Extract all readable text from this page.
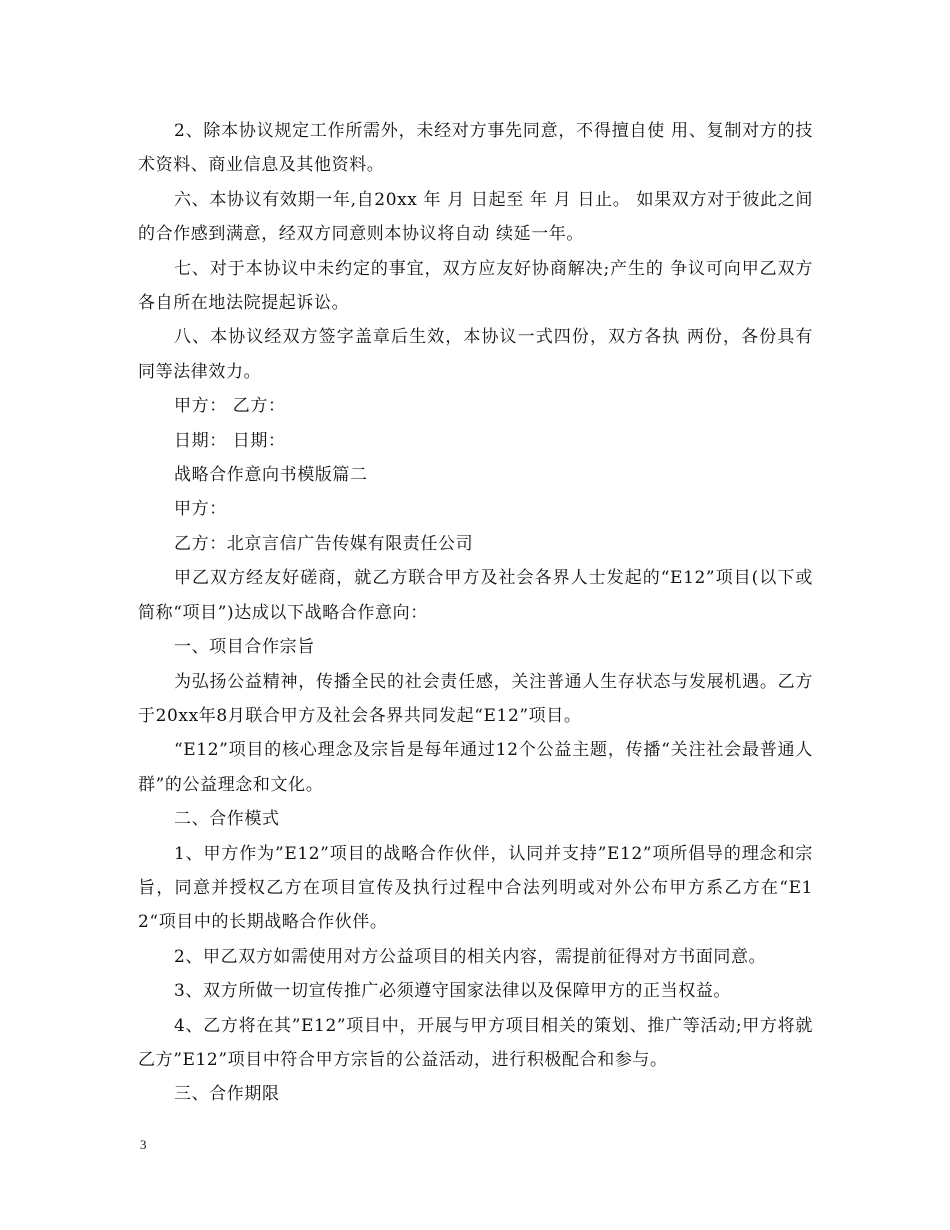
2、除本协议规定工作所需外，未经对方事先同意，不得擅自使 用、复制对方的技术资料、商业信息及其他资料。

六、本协议有效期一年,自20xx 年 月 日起至 年 月 日止。 如果双方对于彼此之间的合作感到满意，经双方同意则本协议将自动 续延一年。

七、对于本协议中未约定的事宜，双方应友好协商解决;产生的 争议可向甲乙双方各自所在地法院提起诉讼。

八、本协议经双方签字盖章后生效，本协议一式四份，双方各执 两份，各份具有同等法律效力。

甲方： 乙方：

日期： 日期：

战略合作意向书模版篇二

甲方：

乙方：北京言信广告传媒有限责任公司

甲乙双方经友好磋商，就乙方联合甲方及社会各界人士发起的“E12”项目(以下或简称“项目”)达成以下战略合作意向：

一、项目合作宗旨

为弘扬公益精神，传播全民的社会责任感，关注普通人生存状态与发展机遇。乙方于20xx年8月联合甲方及社会各界共同发起“E12”项目。

“E12”项目的核心理念及宗旨是每年通过12个公益主题，传播“关注社会最普通人群”的公益理念和文化。

二、合作模式

1、甲方作为”E12”项目的战略合作伙伴，认同并支持”E12”项所倡导的理念和宗旨，同意并授权乙方在项目宣传及执行过程中合法列明或对外公布甲方系乙方在“E12“项目中的长期战略合作伙伴。

2、甲乙双方如需使用对方公益项目的相关内容，需提前征得对方书面同意。

3、双方所做一切宣传推广必须遵守国家法律以及保障甲方的正当权益。

4、乙方将在其”E12”项目中，开展与甲方项目相关的策划、推广等活动;甲方将就乙方”E12”项目中符合甲方宗旨的公益活动，进行积极配合和参与。

三、合作期限

3
